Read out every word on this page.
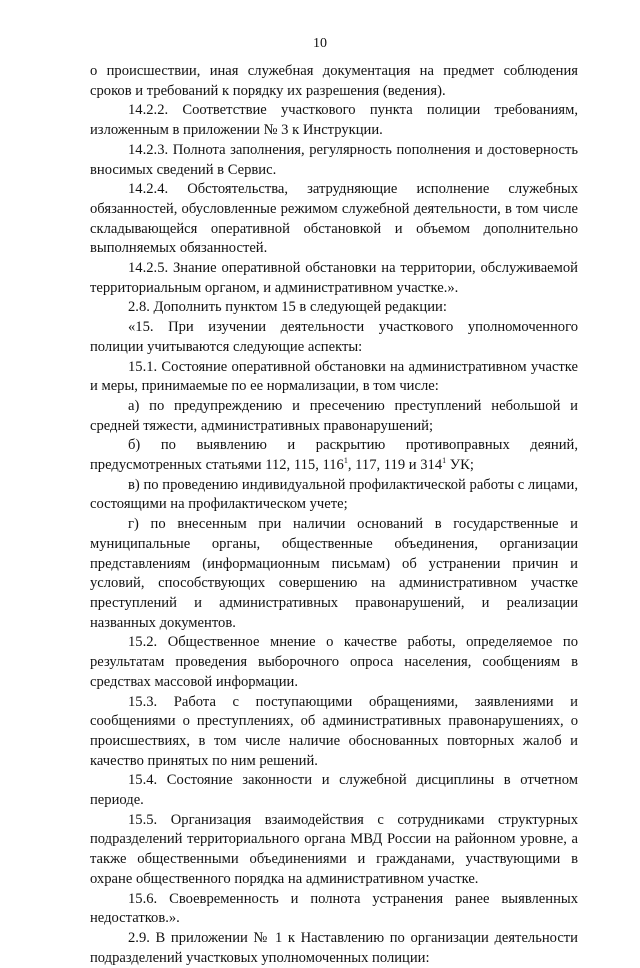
10

о происшествии, иная служебная документация на предмет соблюдения сроков и требований к порядку их разрешения (ведения).

14.2.2. Соответствие участкового пункта полиции требованиям, изложенным в приложении № 3 к Инструкции.

14.2.3. Полнота заполнения, регулярность пополнения и достоверность вносимых сведений в Сервис.

14.2.4. Обстоятельства, затрудняющие исполнение служебных обязанностей, обусловленные режимом служебной деятельности, в том числе складывающейся оперативной обстановкой и объемом дополнительно выполняемых обязанностей.

14.2.5. Знание оперативной обстановки на территории, обслуживаемой территориальным органом, и административном участке.».

2.8. Дополнить пунктом 15 в следующей редакции:

«15. При изучении деятельности участкового уполномоченного полиции учитываются следующие аспекты:

15.1. Состояние оперативной обстановки на административном участке и меры, принимаемые по ее нормализации, в том числе:

а) по предупреждению и пресечению преступлений небольшой и средней тяжести, административных правонарушений;

б) по выявлению и раскрытию противоправных деяний, предусмотренных статьями 112, 115, $116^1$, 117, 119 и $314^1$ УК;

в) по проведению индивидуальной профилактической работы с лицами, состоящими на профилактическом учете;

г) по внесенным при наличии оснований в государственные и муниципальные органы, общественные объединения, организации представлениям (информационным письмам) об устранении причин и условий, способствующих совершению на административном участке преступлений и административных правонарушений, и реализации названных документов.

15.2. Общественное мнение о качестве работы, определяемое по результатам проведения выборочного опроса населения, сообщениям в средствах массовой информации.

15.3. Работа с поступающими обращениями, заявлениями и сообщениями о преступлениях, об административных правонарушениях, о происшествиях, в том числе наличие обоснованных повторных жалоб и качество принятых по ним решений.

15.4. Состояние законности и служебной дисциплины в отчетном периоде.

15.5. Организация взаимодействия с сотрудниками структурных подразделений территориального органа МВД России на районном уровне, а также общественными объединениями и гражданами, участвующими в охране общественного порядка на административном участке.

15.6. Своевременность и полнота устранения ранее выявленных недостатков.».

2.9. В приложении № 1 к Наставлению по организации деятельности подразделений участковых уполномоченных полиции:
